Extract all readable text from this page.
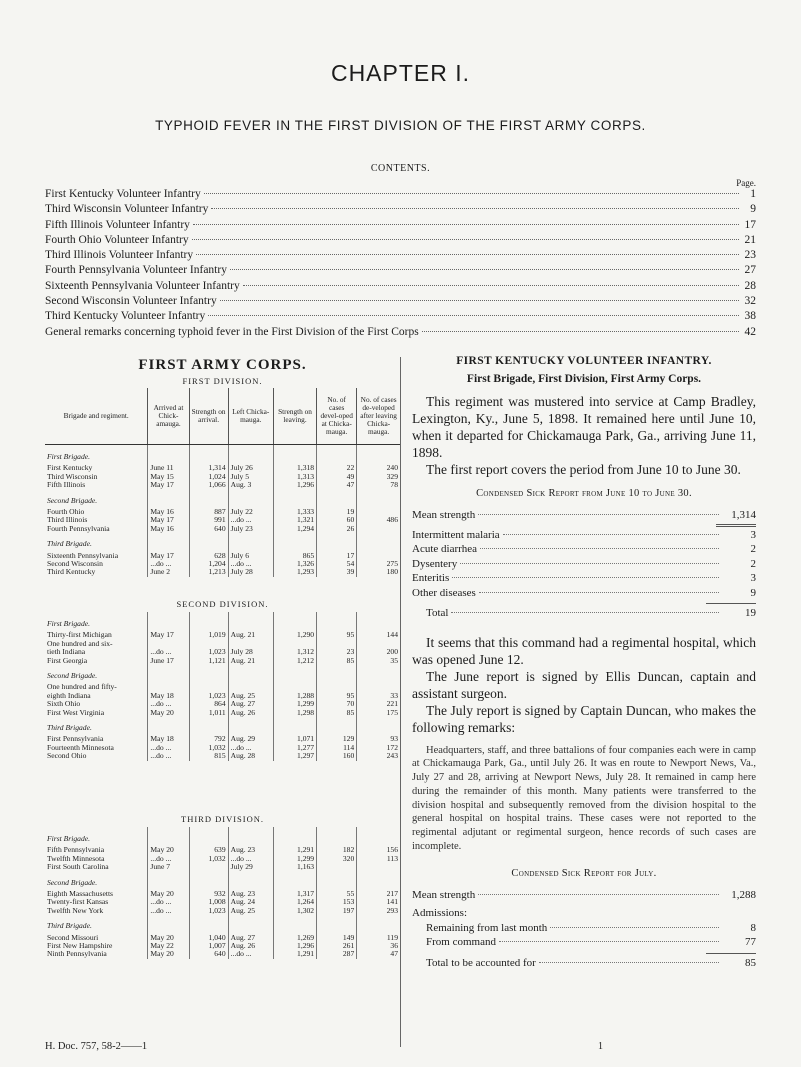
CHAPTER I.
TYPHOID FEVER IN THE FIRST DIVISION OF THE FIRST ARMY CORPS.
CONTENTS.
Page.
First Kentucky Volunteer Infantry	1
Third Wisconsin Volunteer Infantry	9
Fifth Illinois Volunteer Infantry	17
Fourth Ohio Volunteer Infantry	21
Third Illinois Volunteer Infantry	23
Fourth Pennsylvania Volunteer Infantry	27
Sixteenth Pennsylvania Volunteer Infantry	28
Second Wisconsin Volunteer Infantry	32
Third Kentucky Volunteer Infantry	38
General remarks concerning typhoid fever in the First Division of the First Corps	42
FIRST ARMY CORPS.
FIRST DIVISION.
Brigade and regiment.	Arrived at Chick-amauga.	Strength on arrival.	Left Chicka-mauga.	Strength on leaving.	No. of cases devel-oped at Chicka-mauga.	No. of cases de-veloped after leaving Chicka-mauga.
First Brigade.						
First Kentucky	June 11	1,314	July 26	1,318	22	240
Third Wisconsin	May 15	1,024	July 5	1,313	49	329
Fifth Illinois	May 17	1,066	Aug. 3	1,296	47	78
Second Brigade.						
Fourth Ohio	May 16	887	July 22	1,333	19	
Third Illinois	May 17	991	...do ...	1,321	60	486
Fourth Pennsylvania	May 16	640	July 23	1,294	26	
Third Brigade.						
Sixteenth Pennsylvania	May 17	628	July 6	865	17	
Second Wisconsin	...do ...	1,204	...do ...	1,326	54	275
Third Kentucky	June 2	1,213	July 28	1,293	39	180
SECOND DIVISION.
First Brigade.						
Thirty-first Michigan	May 17	1,019	Aug. 21	1,290	95	144
One hundred and six-						
tieth Indiana	...do ...	1,023	July 28	1,312	23	200
First Georgia	June 17	1,121	Aug. 21	1,212	85	35
Second Brigade.						
One hundred and fifty-						
eighth Indiana	May 18	1,023	Aug. 25	1,288	95	33
Sixth Ohio	...do ...	864	Aug. 27	1,299	70	221
First West Virginia	May 20	1,011	Aug. 26	1,298	85	175
Third Brigade.						
First Pennsylvania	May 18	792	Aug. 29	1,071	129	93
Fourteenth Minnesota	...do ...	1,032	...do ...	1,277	114	172
Second Ohio	...do ...	815	Aug. 28	1,297	160	243
THIRD DIVISION.
First Brigade.						
Fifth Pennsylvania	May 20	639	Aug. 23	1,291	182	156
Twelfth Minnesota	...do ...	1,032	...do ...	1,299	320	113
First South Carolina	June 7		July 29	1,163		
Second Brigade.						
Eighth Massachusetts	May 20	932	Aug. 23	1,317	55	217
Twenty-first Kansas	...do ...	1,008	Aug. 24	1,264	153	141
Twelfth New York	...do ...	1,023	Aug. 25	1,302	197	293
Third Brigade.						
Second Missouri	May 20	1,040	Aug. 27	1,269	149	119
First New Hampshire	May 22	1,007	Aug. 26	1,296	261	36
Ninth Pennsylvania	May 20	640	...do ...	1,291	287	47
FIRST KENTUCKY VOLUNTEER INFANTRY.
First Brigade, First Division, First Army Corps.

This regiment was mustered into service at Camp Bradley, Lexington, Ky., June 5, 1898. It remained here until June 10, when it departed for Chickamauga Park, Ga., arriving June 11, 1898.

The first report covers the period from June 10 to June 30.

Condensed Sick Report from June 10 to June 30.
Mean strength	1,314
Intermittent malaria	3
Acute diarrhea	2
Dysentery	2
Enteritis	3
Other diseases	9
Total	19

It seems that this command had a regimental hospital, which was opened June 12.

The June report is signed by Ellis Duncan, captain and assistant surgeon.

The July report is signed by Captain Duncan, who makes the following remarks:

Headquarters, staff, and three battalions of four companies each were in camp at Chickamauga Park, Ga., until July 26. It was en route to Newport News, Va., July 27 and 28, arriving at Newport News, July 28. It remained in camp here during the remainder of this month. Many patients were transferred to the division hospital and subsequently removed from the division hospital to the general hospital on hospital trains. These cases were not reported to the regimental adjutant or regimental surgeon, hence records of such cases are incomplete.

Condensed Sick Report for July.
Mean strength	1,288
Admissions:
Remaining from last month	8
From command	77
Total to be accounted for	85
H. Doc. 757, 58-2——1	1
